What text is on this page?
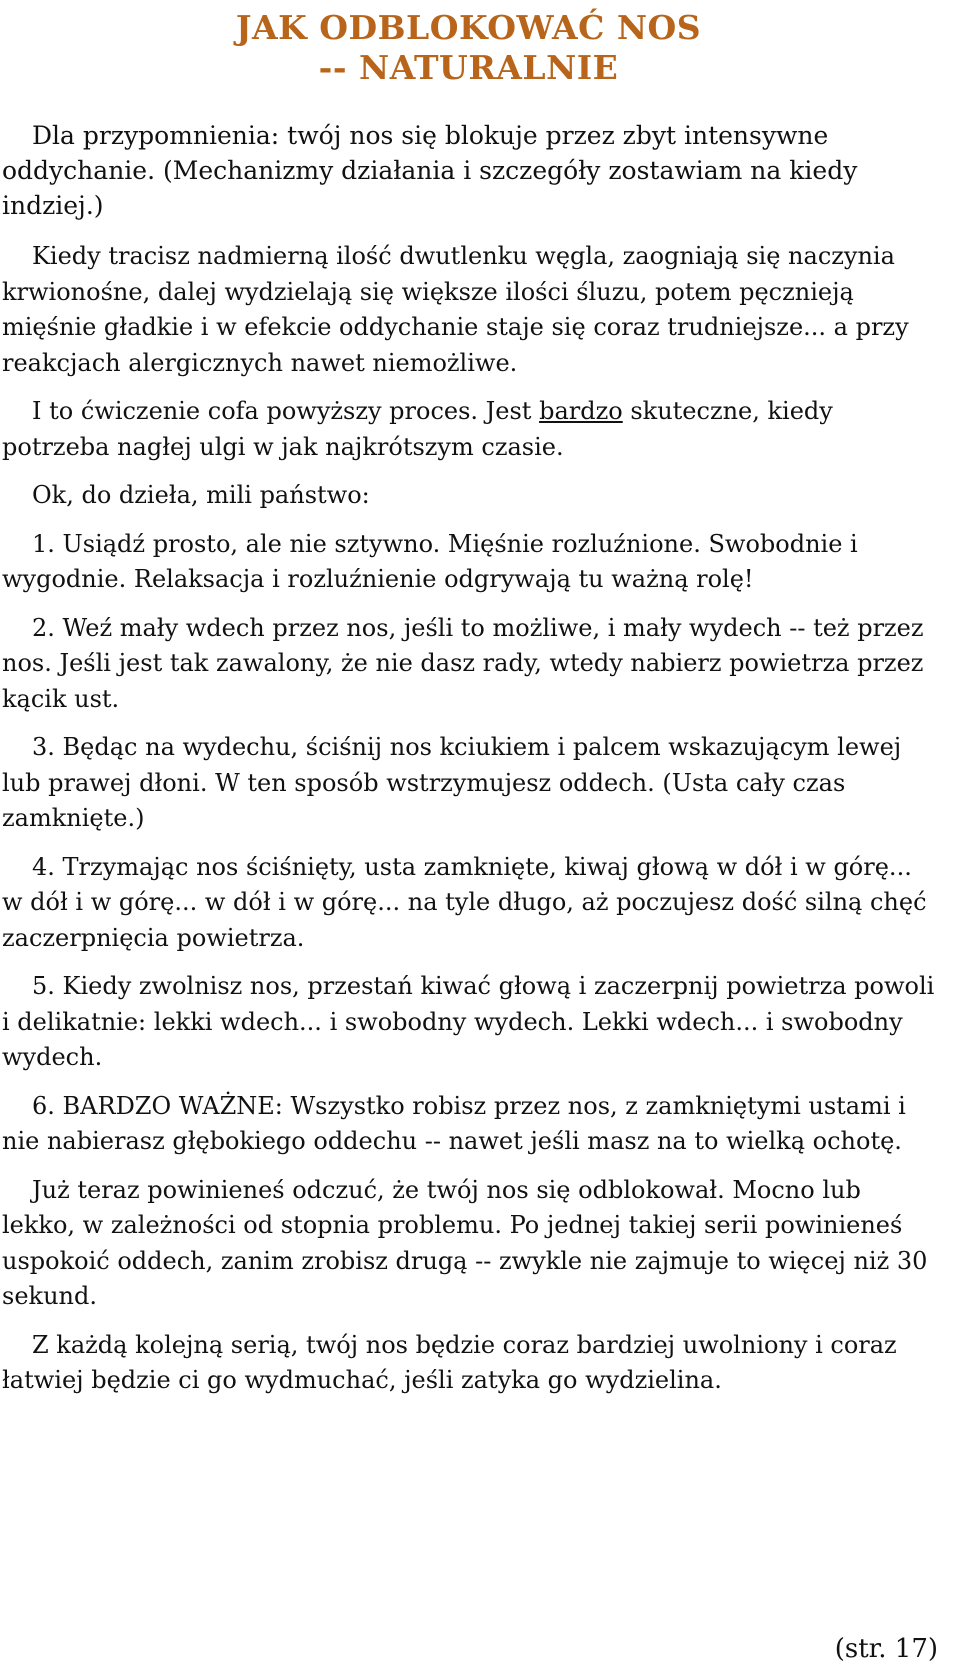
JAK ODBLOKOWAĆ NOS
-- NATURALNIE

Dla przypomnienia: twój nos się blokuje przez zbyt intensywne oddychanie. (Mechanizmy działania i szczegóły zostawiam na kiedy indziej.)

Kiedy tracisz nadmierną ilość dwutlenku węgla, zaogniają się naczynia krwionośne, dalej wydzielają się większe ilości śluzu, potem pęcznieją mięśnie gładkie i w efekcie oddychanie staje się coraz trudniejsze... a przy reakcjach alergicznych nawet niemożliwe.

I to ćwiczenie cofa powyższy proces. Jest bardzo skuteczne, kiedy potrzeba nagłej ulgi w jak najkrótszym czasie.

Ok, do dzieła, mili państwo:

1. Usiądź prosto, ale nie sztywno. Mięśnie rozluźnione. Swobodnie i wygodnie. Relaksacja i rozluźnienie odgrywają tu ważną rolę!

2. Weź mały wdech przez nos, jeśli to możliwe, i mały wydech -- też przez nos. Jeśli jest tak zawalony, że nie dasz rady, wtedy nabierz powietrza przez kącik ust.

3. Będąc na wydechu, ściśnij nos kciukiem i palcem wskazującym lewej lub prawej dłoni. W ten sposób wstrzymujesz oddech. (Usta cały czas zamknięte.)

4. Trzymając nos ściśnięty, usta zamknięte, kiwaj głową w dół i w górę... w dół i w górę... w dół i w górę... na tyle długo, aż poczujesz dość silną chęć zaczerpnięcia powietrza.

5. Kiedy zwolnisz nos, przestań kiwać głową i zaczerpnij powietrza powoli i delikatnie: lekki wdech... i swobodny wydech. Lekki wdech... i swobodny wydech.

6. BARDZO WAŻNE: Wszystko robisz przez nos, z zamkniętymi ustami i nie nabierasz głębokiego oddechu -- nawet jeśli masz na to wielką ochotę.

Już teraz powinieneś odczuć, że twój nos się odblokował. Mocno lub lekko, w zależności od stopnia problemu. Po jednej takiej serii powinieneś uspokoić oddech, zanim zrobisz drugą -- zwykle nie zajmuje to więcej niż 30 sekund.

Z każdą kolejną serią, twój nos będzie coraz bardziej uwolniony i coraz łatwiej będzie ci go wydmuchać, jeśli zatyka go wydzielina.

(str. 17)
